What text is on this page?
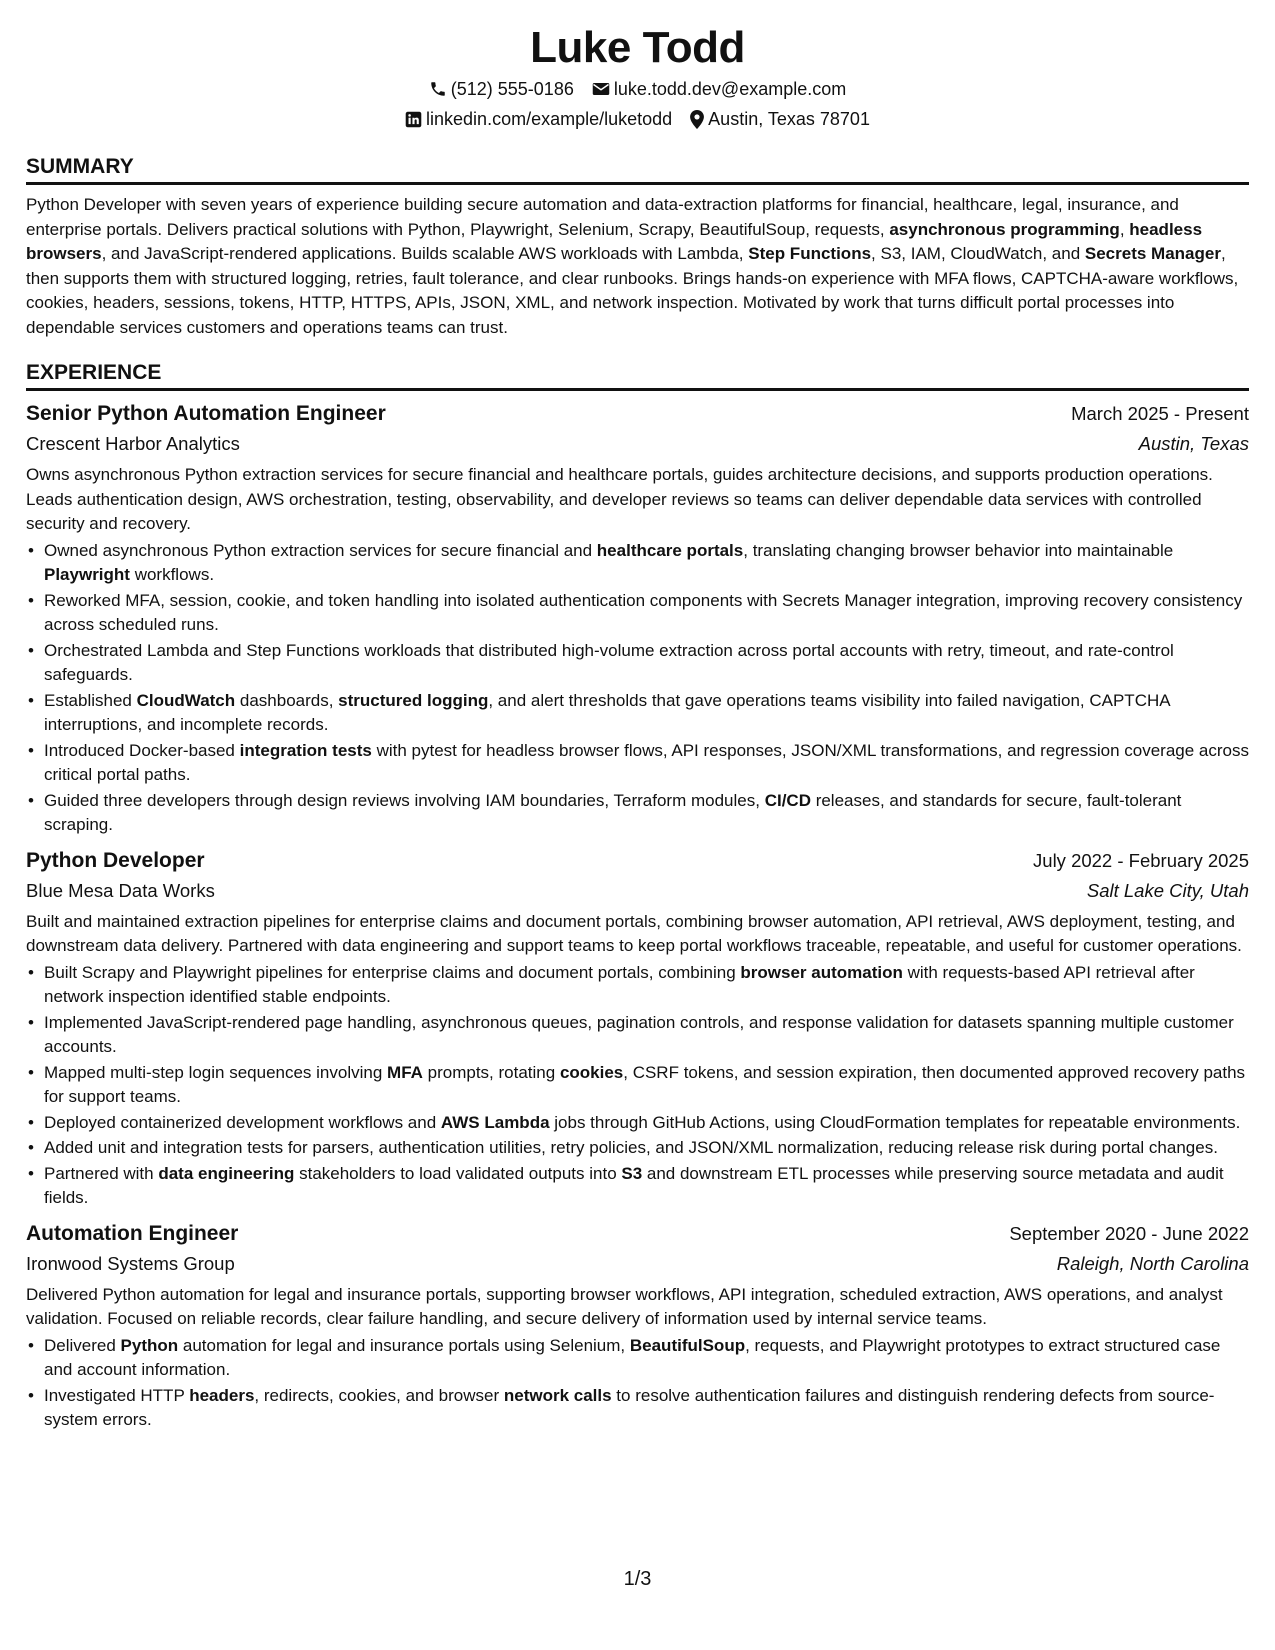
Luke Todd
(512) 555-0186 luke.todd.dev@example.com
linkedin.com/example/luketodd Austin, Texas 78701
SUMMARY

Python Developer with seven years of experience building secure automation and data-extraction platforms for financial, healthcare, legal, insurance, and enterprise portals. Delivers practical solutions with Python, Playwright, Selenium, Scrapy, BeautifulSoup, requests, asynchronous programming, headless browsers, and JavaScript-rendered applications. Builds scalable AWS workloads with Lambda, Step Functions, S3, IAM, CloudWatch, and Secrets Manager, then supports them with structured logging, retries, fault tolerance, and clear runbooks. Brings hands-on experience with MFA flows, CAPTCHA-aware workflows, cookies, headers, sessions, tokens, HTTP, HTTPS, APIs, JSON, XML, and network inspection. Motivated by work that turns difficult portal processes into dependable services customers and operations teams can trust.

EXPERIENCE
Senior Python Automation Engineer	March 2025 - Present
Crescent Harbor Analytics	Austin, Texas

Owns asynchronous Python extraction services for secure financial and healthcare portals, guides architecture decisions, and supports production operations. Leads authentication design, AWS orchestration, testing, observability, and developer reviews so teams can deliver dependable data services with controlled security and recovery.

• Owned asynchronous Python extraction services for secure financial and healthcare portals, translating changing browser behavior into maintainable Playwright workflows.
• Reworked MFA, session, cookie, and token handling into isolated authentication components with Secrets Manager integration, improving recovery consistency across scheduled runs.
• Orchestrated Lambda and Step Functions workloads that distributed high-volume extraction across portal accounts with retry, timeout, and rate-control safeguards.
• Established CloudWatch dashboards, structured logging, and alert thresholds that gave operations teams visibility into failed navigation, CAPTCHA interruptions, and incomplete records.
• Introduced Docker-based integration tests with pytest for headless browser flows, API responses, JSON/XML transformations, and regression coverage across critical portal paths.
• Guided three developers through design reviews involving IAM boundaries, Terraform modules, CI/CD releases, and standards for secure, fault-tolerant scraping.
Python Developer	July 2022 - February 2025
Blue Mesa Data Works	Salt Lake City, Utah

Built and maintained extraction pipelines for enterprise claims and document portals, combining browser automation, API retrieval, AWS deployment, testing, and downstream data delivery. Partnered with data engineering and support teams to keep portal workflows traceable, repeatable, and useful for customer operations.

• Built Scrapy and Playwright pipelines for enterprise claims and document portals, combining browser automation with requests-based API retrieval after network inspection identified stable endpoints.
• Implemented JavaScript-rendered page handling, asynchronous queues, pagination controls, and response validation for datasets spanning multiple customer accounts.
• Mapped multi-step login sequences involving MFA prompts, rotating cookies, CSRF tokens, and session expiration, then documented approved recovery paths for support teams.
• Deployed containerized development workflows and AWS Lambda jobs through GitHub Actions, using CloudFormation templates for repeatable environments.
• Added unit and integration tests for parsers, authentication utilities, retry policies, and JSON/XML normalization, reducing release risk during portal changes.
• Partnered with data engineering stakeholders to load validated outputs into S3 and downstream ETL processes while preserving source metadata and audit fields.
Automation Engineer	September 2020 - June 2022
Ironwood Systems Group	Raleigh, North Carolina

Delivered Python automation for legal and insurance portals, supporting browser workflows, API integration, scheduled extraction, AWS operations, and analyst validation. Focused on reliable records, clear failure handling, and secure delivery of information used by internal service teams.

• Delivered Python automation for legal and insurance portals using Selenium, BeautifulSoup, requests, and Playwright prototypes to extract structured case and account information.
• Investigated HTTP headers, redirects, cookies, and browser network calls to resolve authentication failures and distinguish rendering defects from source-system errors.
1/3
